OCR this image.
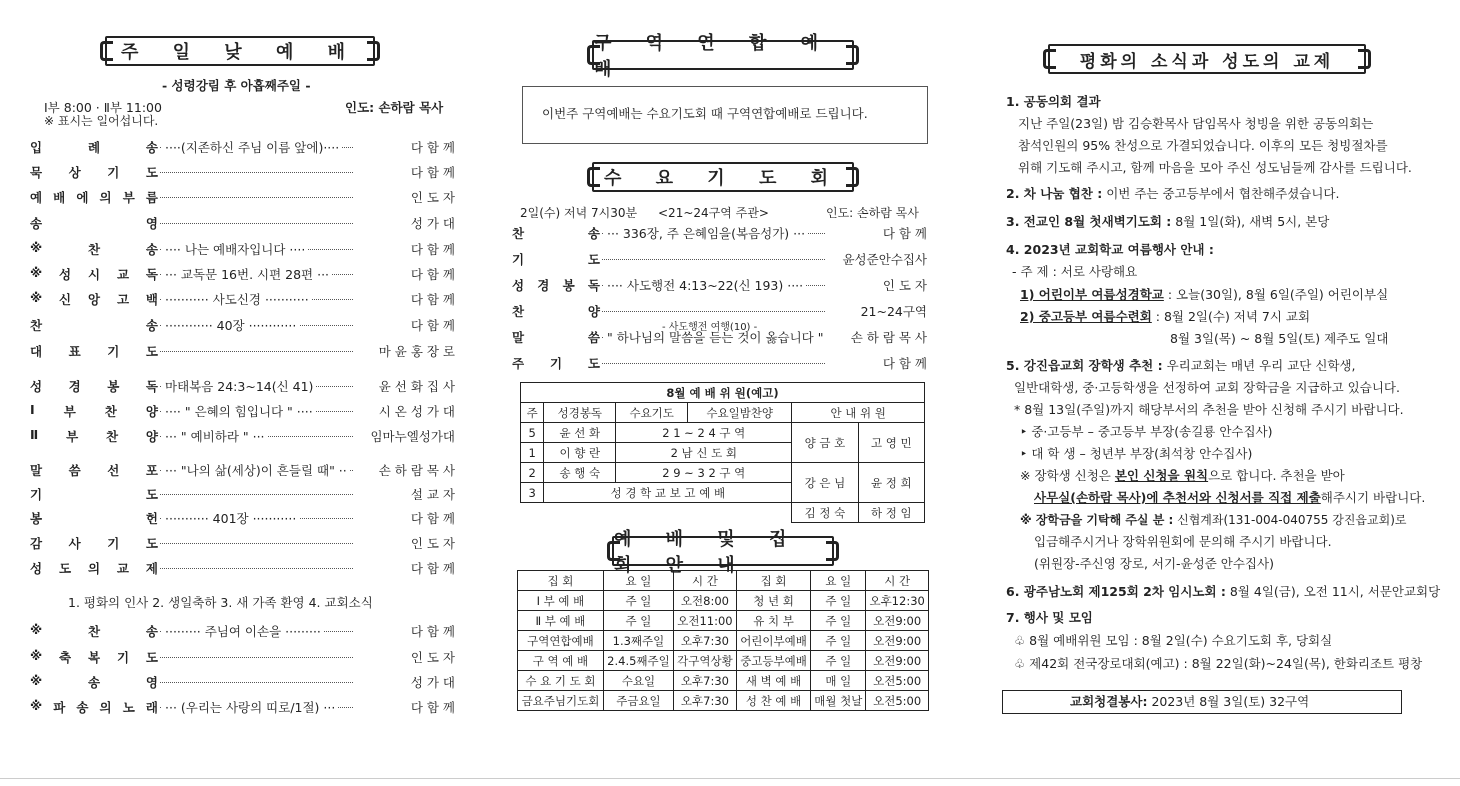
주 일 낮 예 배
- 성령강림 후 아홉째주일 -
Ⅰ부 8:00 · Ⅱ부 11:00	인도: 손하람 목사
※ 표시는 일어섭니다.
입	례	송 ····(지존하신 주님 이름 앞에)····	다 함 께
묵 상 기 도	다 함 께
예 배 에 의 부 름	인 도 자
송	영	성 가 대
※	찬	송 ···· 나는 예배자입니다 ····	다 함 께
※ 성 시 교 독 ··· 교독문 16번. 시편 28편 ···	다 함 께
※ 신 앙 고 백 ··········· 사도신경 ···········	다 함 께
찬	송 ············ 40장 ············	다 함 께
대 표 기 도	마 윤 홍 장 로
성 경 봉 독 마태복음 24:3~14(신 41)	윤 선 화 집 사
Ⅰ 부 찬 양 ···· " 은혜의 힘입니다 " ····	시 온 성 가 대
Ⅱ 부 찬 양 ··· " 예비하라 " ···	임마누엘성가대
말 씀 선 포 ··· "나의 삶(세상)이 흔들릴 때" ··	손 하 람 목 사
기	도	설 교 자
봉	헌 ··········· 401장 ···········	다 함 께
감 사 기 도	인 도 자
성 도 의 교 제	다 함 께
※	찬	송 ········· 주님여 이손을 ·········	다 함 께
※ 축 복 기 도	인 도 자
※	송	영	성 가 대
※ 파 송 의 노 래 ··· (우리는 사랑의 띠로/1절) ···	다 함 께
1. 평화의 인사 2. 생일축하 3. 새 가족 환영 4. 교회소식
구 역 연 합 예 배
이번주 구역예배는 수요기도회 때 구역연합예배로 드립니다.
수 요 기 도 회
2일(수) 저녁 7시30분 <21~24구역 주관>	인도: 손하람 목사
찬	송 ··· 336장, 주 은혜임을(복음성가) ···	다 함 께
기	도	윤성준안수집사
성 경 봉 독 ···· 사도행전 4:13~22(신 193) ····	인 도 자
찬	양	21~24구역
말	씀 " 하나님의 말씀을 듣는 것이 옳습니다 "	손 하 람 목 사
주 기 도	다 함 께
- 사도행전 여행(10) -
8월 예 배 위 원(예고)					
주	성경봉독	수요기도	수요일밤찬양	안 내 위 원	
5	윤 선 화	2 1 ~ 2 4 구 역		양 금 호	고 영 민
1	이 향 란	2 남 신 도 회			
2	송 행 숙	2 9 ~ 3 2 구 역		강 은 님	윤 정 희
3	성 경 학 교 보 고 예 배				
				김 정 숙	하 정 임
예 배 및 집 회 안 내
집 회	요 일	시 간	집 회	요 일	시 간
Ⅰ 부 예 배	주 일	오전8:00	청 년 회	주 일	오후12:30
Ⅱ 부 예 배	주 일	오전11:00	유 치 부	주 일	오전9:00
구역연합예배	1.3째주일	오후7:30	어린이부예배	주 일	오전9:00
구 역 예 배	2.4.5째주일	각구역상황	중고등부예배	주 일	오전9:00
수 요 기 도 회	수요일	오후7:30	새 벽 예 배	매 일	오전5:00
금요주님기도회	주금요일	오후7:30	성 찬 예 배	매월 첫날	오전5:00
평화의 소식과 성도의 교제
1. 공동의회 결과
지난 주일(23일) 밤 김승환목사 담임목사 청빙을 위한 공동의회는
참석인원의 95% 찬성으로 가결되었습니다. 이후의 모든 청빙절차를
위해 기도해 주시고, 함께 마음을 모아 주신 성도님들께 감사를 드립니다.
2. 차 나눔 협찬 : 이번 주는 중고등부에서 협찬해주셨습니다.
3. 전교인 8월 첫새벽기도회 : 8월 1일(화), 새벽 5시, 본당
4. 2023년 교회학교 여름행사 안내 :
- 주 제 : 서로 사랑해요
1) 어린이부 여름성경학교 : 오늘(30일), 8월 6일(주일) 어린이부실
2) 중고등부 여름수련회 : 8월 2일(수) 저녁 7시 교회
8월 3일(목) ~ 8월 5일(토) 제주도 일대
5. 강진읍교회 장학생 추천 : 우리교회는 매년 우리 교단 신학생,
일반대학생, 중·고등학생을 선정하여 교회 장학금을 지급하고 있습니다.
* 8월 13일(주일)까지 해당부서의 추천을 받아 신청해 주시기 바랍니다.
‣ 중·고등부 – 중고등부 부장(송길룡 안수집사)
‣ 대 학 생 – 청년부 부장(최석창 안수집사)
※ 장학생 신청은 본인 신청을 원칙으로 합니다. 추천을 받아
사무실(손하람 목사)에 추천서와 신청서를 직접 제출해주시기 바랍니다.
※ 장학금을 기탁해 주실 분 : 신협계좌(131-004-040755 강진읍교회)로
입금해주시거나 장학위원회에 문의해 주시기 바랍니다.
(위원장-주신영 장로, 서기-윤성준 안수집사)
6. 광주남노회 제125회 2차 임시노회 : 8월 4일(금), 오전 11시, 서문안교회당
7. 행사 및 모임
♧ 8월 예배위원 모임 : 8월 2일(수) 수요기도회 후, 당회실
♧ 제42회 전국장로대회(예고) : 8월 22일(화)~24일(목), 한화리조트 평창
교회청결봉사: 2023년 8월 3일(토) 32구역
